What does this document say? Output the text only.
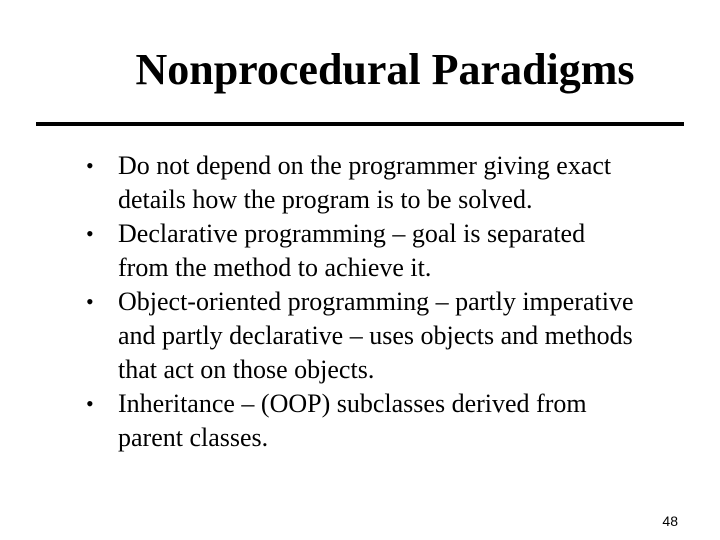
Nonprocedural Paradigms
• Do not depend on the programmer giving exact
details how the program is to be solved.
• Declarative programming – goal is separated
from the method to achieve it.
• Object-oriented programming – partly imperative
and partly declarative – uses objects and methods
that act on those objects.
• Inheritance – (OOP) subclasses derived from
parent classes.
48
